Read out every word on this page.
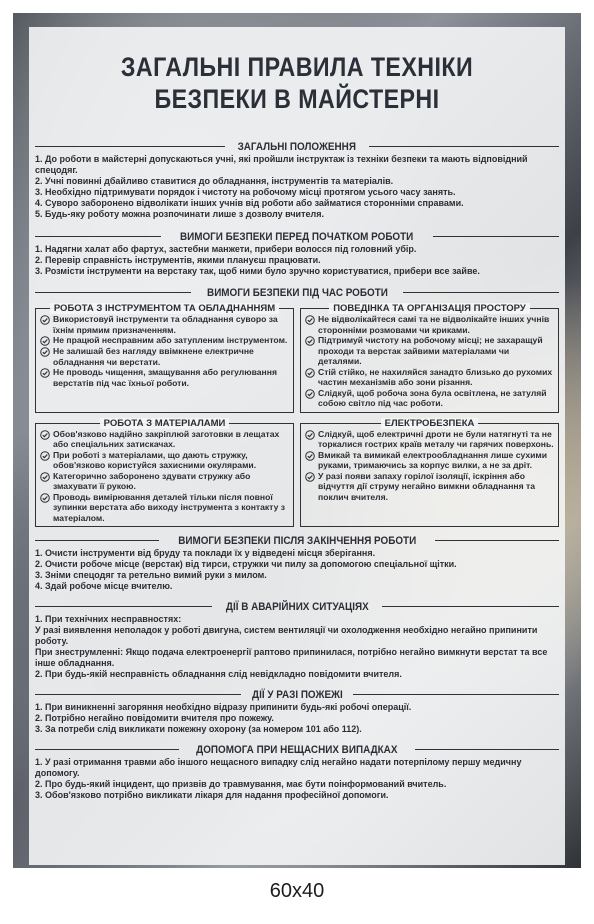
ЗАГАЛЬНІ ПРАВИЛА ТЕХНІКИ
БЕЗПЕКИ В МАЙСТЕРНІ
ЗАГАЛЬНІ ПОЛОЖЕННЯ

1. До роботи в майстерні допускаються учні, які пройшли інструктаж із техніки безпеки та мають відповідний спецодяг.

2. Учні повинні дбайливо ставитися до обладнання, інструментів та матеріалів.

3. Необхідно підтримувати порядок і чистоту на робочому місці протягом усього часу занять.

4. Суворо заборонено відволікати інших учнів від роботи або займатися сторонніми справами.

5. Будь-яку роботу можна розпочинати лише з дозволу вчителя.

ВИМОГИ БЕЗПЕКИ ПЕРЕД ПОЧАТКОМ РОБОТИ

1. Надягни халат або фартух, застебни манжети, прибери волосся під головний убір.

2. Перевір справність інструментів, якими плануєш працювати.

3. Розмісти інструменти на верстаку так, щоб ними було зручно користуватися, прибери все зайве.

ВИМОГИ БЕЗПЕКИ ПІД ЧАС РОБОТИ
РОБОТА З ІНСТРУМЕНТОМ ТА ОБЛАДНАННЯМ
Використовуй інструменти та обладнання суворо за їхнім прямим призначенням.
Не працюй несправним або затупленим інструментом.
Не залишай без нагляду ввімкнене електричне обладнання чи верстати.
Не проводь чищення, змащування або регулювання верстатів під час їхньої роботи.
ПОВЕДІНКА ТА ОРГАНІЗАЦІЯ ПРОСТОРУ
Не відволікайтеся самі та не відволікайте інших учнів сторонніми розмовами чи криками.
Підтримуй чистоту на робочому місці; не захаращуй проходи та верстак зайвими матеріалами чи деталями.
Стій стійко, не нахиляйся занадто близько до рухомих частин механізмів або зони різання.
Слідкуй, щоб робоча зона була освітлена, не затуляй собою світло під час роботи.
РОБОТА З МАТЕРІАЛАМИ
Обов'язково надійно закріплюй заготовки в лещатах або спеціальних затискачах.
При роботі з матеріалами, що дають стружку, обов'язково користуйся захисними окулярами.
Категорично заборонено здувати стружку або змахувати її рукою.
Проводь вимірювання деталей тільки після повної зупинки верстата або виходу інструмента з контакту з матеріалом.
ЕЛЕКТРОБЕЗПЕКА
Слідкуй, щоб електричні дроти не були натягнуті та не торкалися гострих країв металу чи гарячих поверхонь.
Вмикай та вимикай електрообладнання лише сухими руками, тримаючись за корпус вилки, а не за дріт.
У разі появи запаху горілої ізоляції, іскріння або відчуття дії струму негайно вимкни обладнання та поклич вчителя.
ВИМОГИ БЕЗПЕКИ ПІСЛЯ ЗАКІНЧЕННЯ РОБОТИ

1. Очисти інструменти від бруду та поклади їх у відведені місця зберігання.

2. Очисти робоче місце (верстак) від тирси, стружки чи пилу за допомогою спеціальної щітки.

3. Зніми спецодяг та ретельно вимий руки з милом.

4. Здай робоче місце вчителю.

ДІЇ В АВАРІЙНИХ СИТУАЦІЯХ

1. При технічних несправностях:

У разі виявлення неполадок у роботі двигуна, систем вентиляції чи охолодження необхідно негайно припинити роботу.

При знеструмленні: Якщо подача електроенергії раптово припинилася, потрібно негайно вимкнути верстат та все інше обладнання.

2. При будь-якій несправність обладнання слід невідкладно повідомити вчителя.

ДІЇ У РАЗІ ПОЖЕЖІ

1. При виникненні загоряння необхідно відразу припинити будь-які робочі операції.

2. Потрібно негайно повідомити вчителя про пожежу.

3. За потреби слід викликати пожежну охорону (за номером 101 або 112).

ДОПОМОГА ПРИ НЕЩАСНИХ ВИПАДКАХ

1. У разі отримання травми або іншого нещасного випадку слід негайно надати потерпілому першу медичну допомогу.

2. Про будь-який інцидент, що призвів до травмування, має бути поінформований вчитель.

3. Обов'язково потрібно викликати лікаря для надання професійної допомоги.

60x40
